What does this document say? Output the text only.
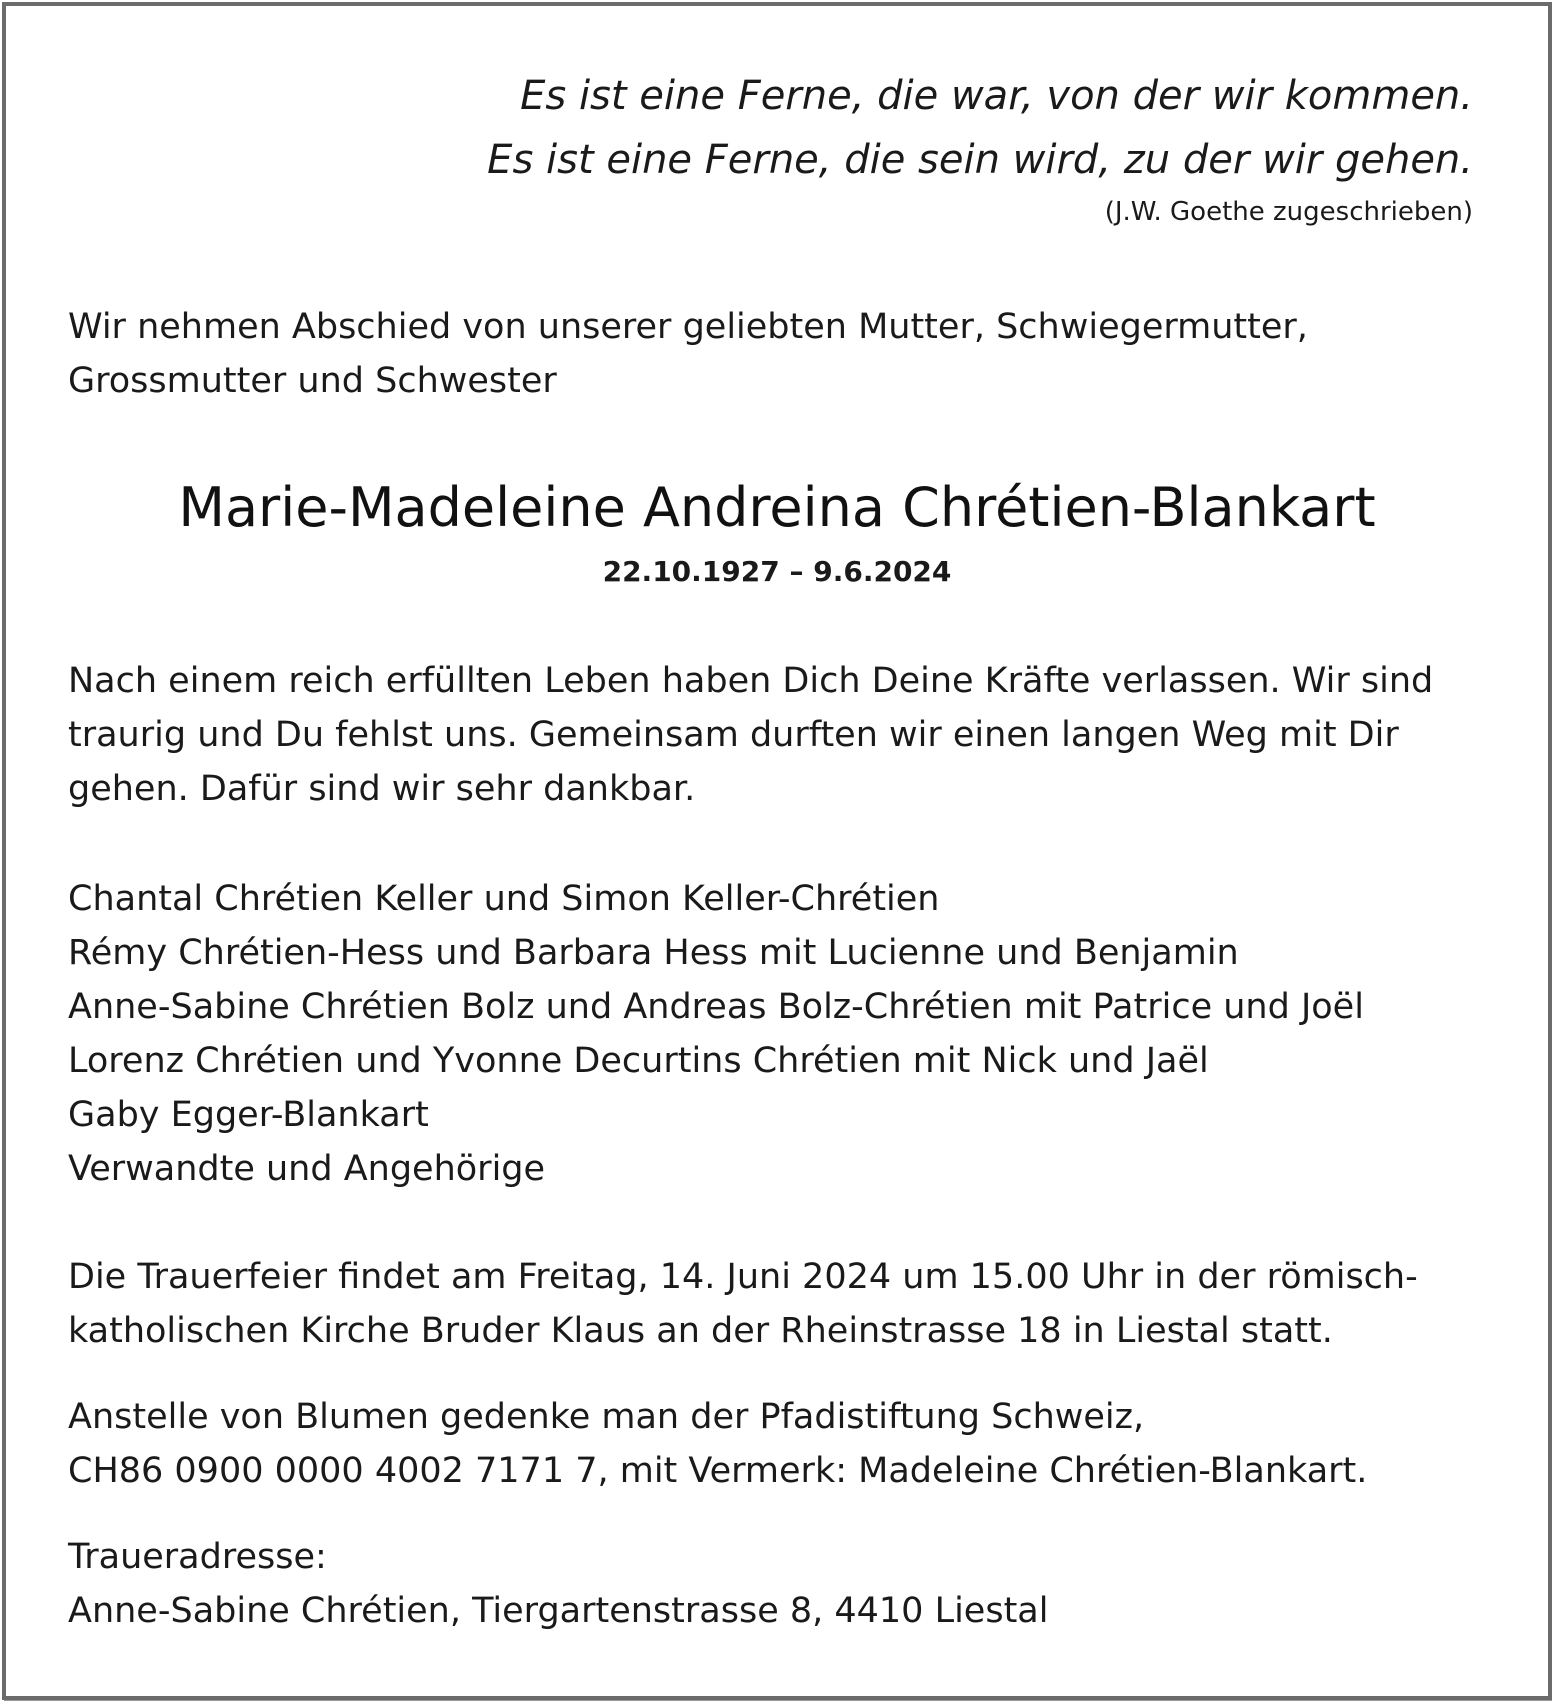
Es ist eine Ferne, die war, von der wir kommen.
Es ist eine Ferne, die sein wird, zu der wir gehen.
(J.W. Goethe zugeschrieben)
Wir nehmen Abschied von unserer geliebten Mutter, Schwiegermutter,
Grossmutter und Schwester
Marie-Madeleine Andreina Chrétien-Blankart
22.10.1927 – 9.6.2024
Nach einem reich erfüllten Leben haben Dich Deine Kräfte verlassen. Wir sind
traurig und Du fehlst uns. Gemeinsam durften wir einen langen Weg mit Dir
gehen. Dafür sind wir sehr dankbar.
Chantal Chrétien Keller und Simon Keller-Chrétien
Rémy Chrétien-Hess und Barbara Hess mit Lucienne und Benjamin
Anne-Sabine Chrétien Bolz und Andreas Bolz-Chrétien mit Patrice und Joël
Lorenz Chrétien und Yvonne Decurtins Chrétien mit Nick und Jaël
Gaby Egger-Blankart
Verwandte und Angehörige
Die Trauerfeier findet am Freitag, 14. Juni 2024 um 15.00 Uhr in der römisch-
katholischen Kirche Bruder Klaus an der Rheinstrasse 18 in Liestal statt.
Anstelle von Blumen gedenke man der Pfadistiftung Schweiz,
CH86 0900 0000 4002 7171 7, mit Vermerk: Madeleine Chrétien-Blankart.
Traueradresse:
Anne-Sabine Chrétien, Tiergartenstrasse 8, 4410 Liestal
